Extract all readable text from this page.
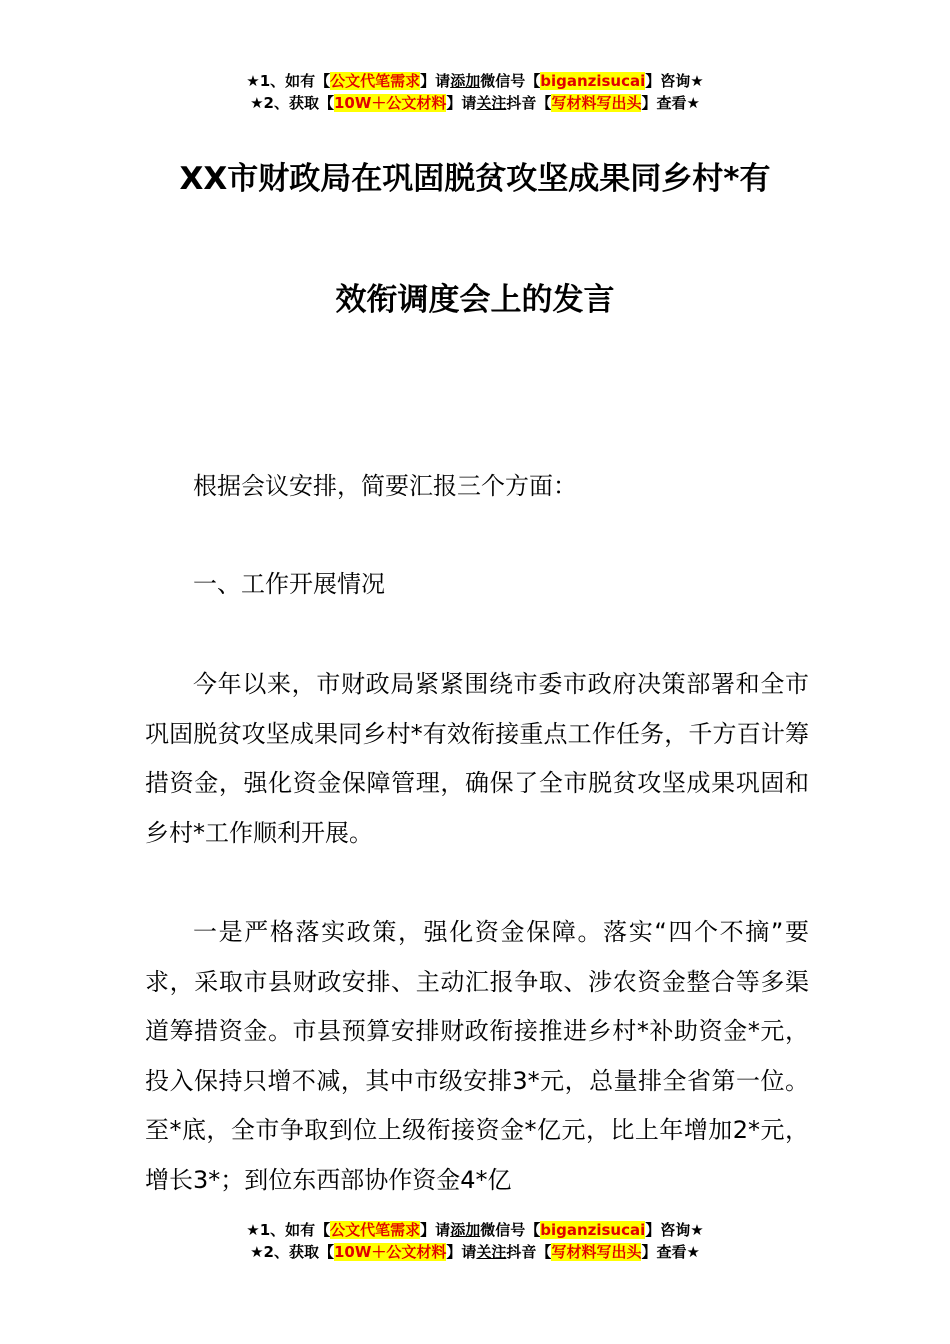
★1、如有【公文代笔需求】请添加微信号【biganzisucai】咨询★
★2、获取【10W＋公文材料】请关注抖音【写材料写出头】查看★
XX市财政局在巩固脱贫攻坚成果同乡村*有
效衔调度会上的发言

根据会议安排，简要汇报三个方面：

一、工作开展情况

今年以来，市财政局紧紧围绕市委市政府决策部署和全市巩固脱贫攻坚成果同乡村*有效衔接重点工作任务，千方百计筹措资金，强化资金保障管理，确保了全市脱贫攻坚成果巩固和乡村*工作顺利开展。

一是严格落实政策，强化资金保障。落实“四个不摘”要求，采取市县财政安排、主动汇报争取、涉农资金整合等多渠道筹措资金。市县预算安排财政衔接推进乡村*补助资金*元，投入保持只增不减，其中市级安排3*元，总量排全省第一位。至*底，全市争取到位上级衔接资金*亿元，比上年增加2*元，增长3*；到位东西部协作资金4*亿

★1、如有【公文代笔需求】请添加微信号【biganzisucai】咨询★
★2、获取【10W＋公文材料】请关注抖音【写材料写出头】查看★
